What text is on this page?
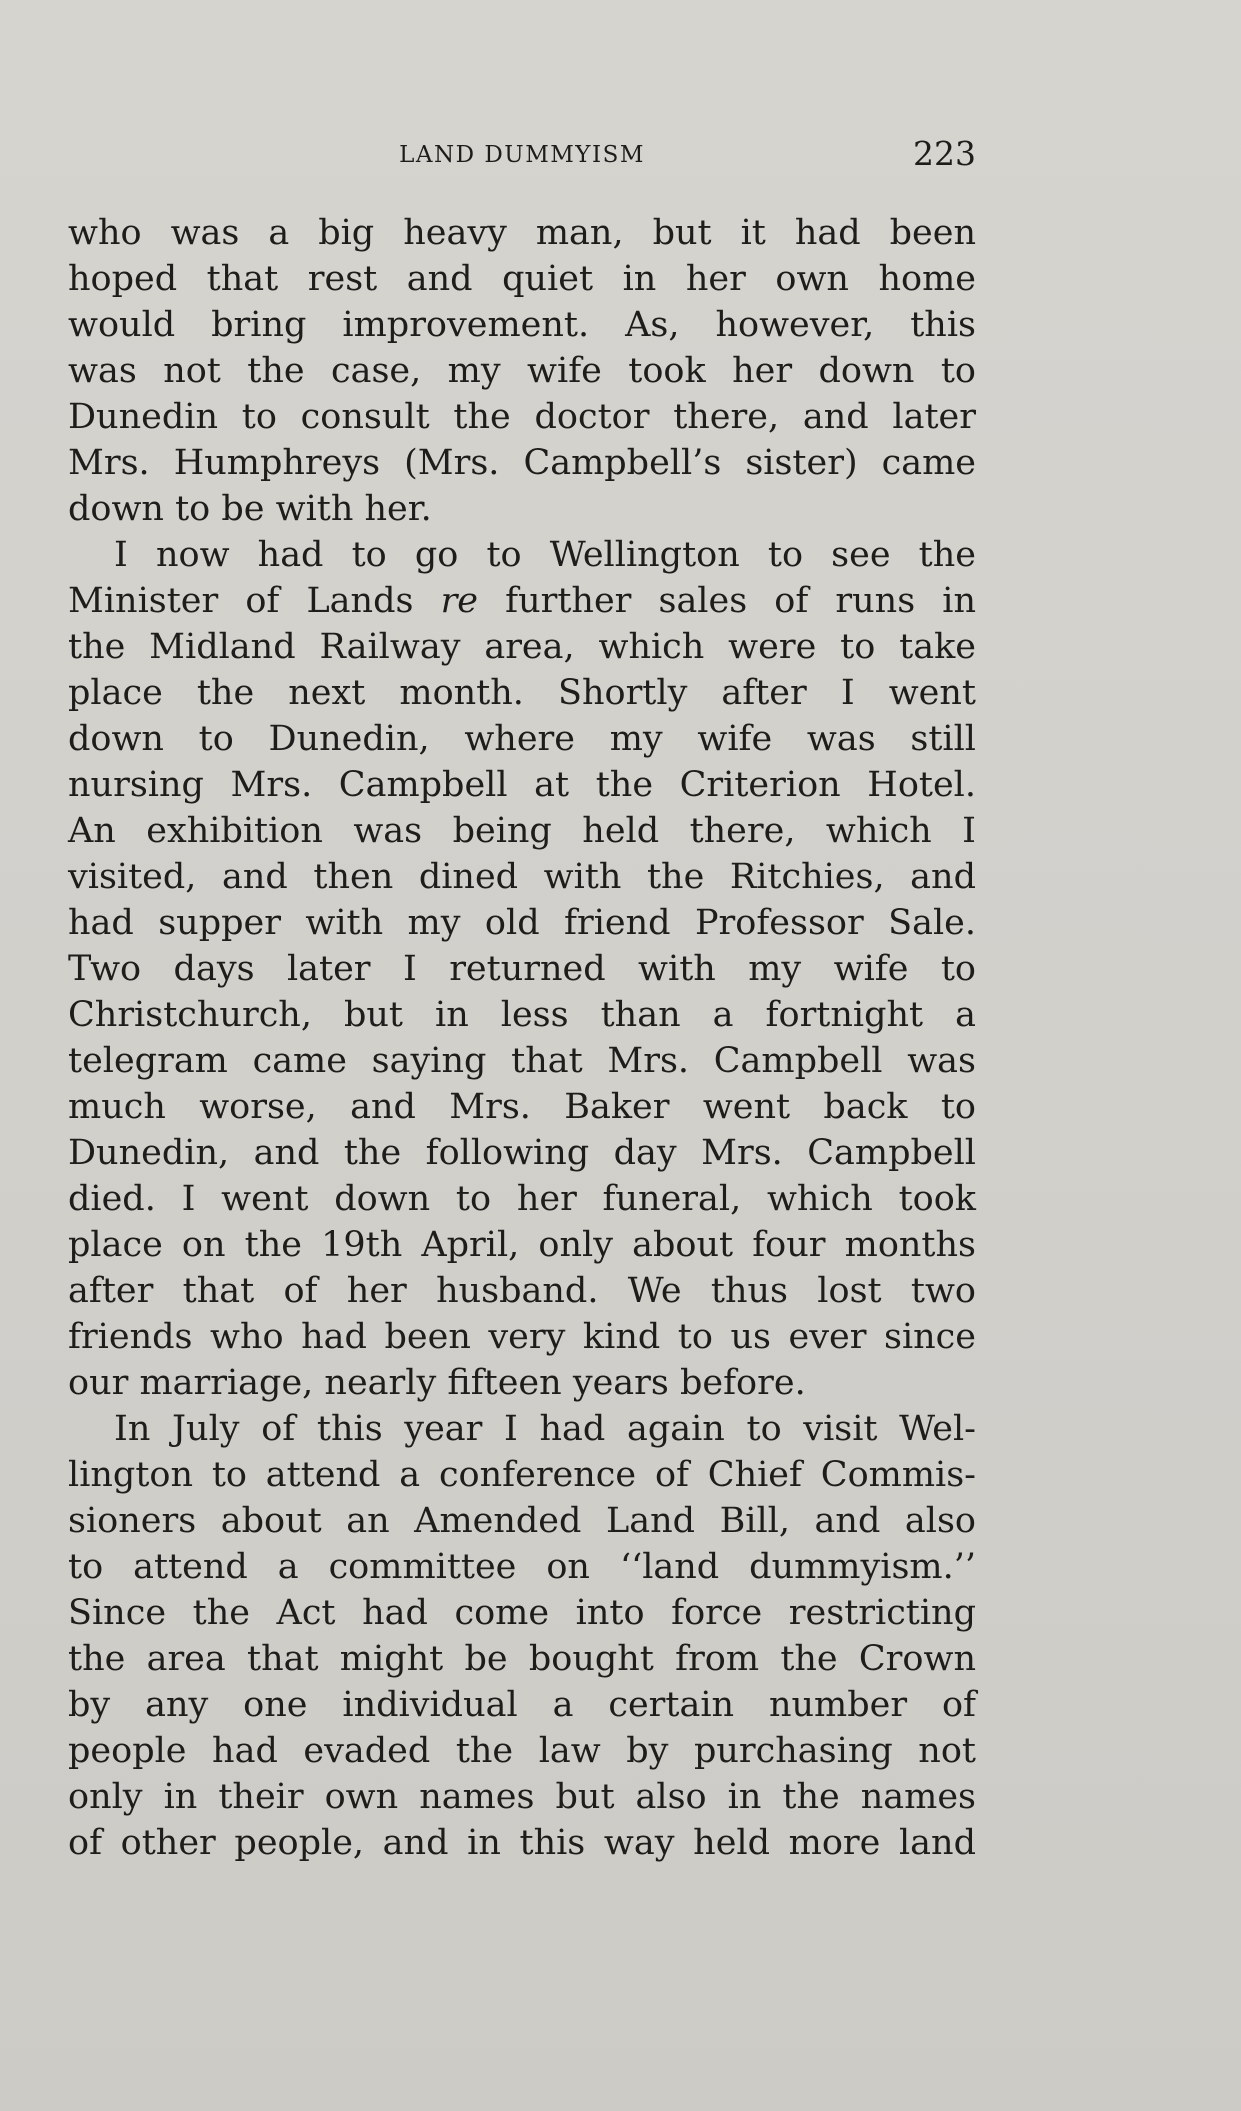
LAND DUMMYISM	223
who was a big heavy man, but it had been
hoped that rest and quiet in her own home
would bring improvement. As, however, this
was not the case, my wife took her down to
Dunedin to consult the doctor there, and later
Mrs. Humphreys (Mrs. Campbell’s sister) came
down to be with her.
I now had to go to Wellington to see the
Minister of Lands re further sales of runs in
the Midland Railway area, which were to take
place the next month. Shortly after I went
down to Dunedin, where my wife was still
nursing Mrs. Campbell at the Criterion Hotel.
An exhibition was being held there, which I
visited, and then dined with the Ritchies, and
had supper with my old friend Professor Sale.
Two days later I returned with my wife to
Christchurch, but in less than a fortnight a
telegram came saying that Mrs. Campbell was
much worse, and Mrs. Baker went back to
Dunedin, and the following day Mrs. Campbell
died. I went down to her funeral, which took
place on the 19th April, only about four months
after that of her husband. We thus lost two
friends who had been very kind to us ever since
our marriage, nearly fifteen years before.
In July of this year I had again to visit Wel-
lington to attend a conference of Chief Commis-
sioners about an Amended Land Bill, and also
to attend a committee on ‘‘land dummyism.’’
Since the Act had come into force restricting
the area that might be bought from the Crown
by any one individual a certain number of
people had evaded the law by purchasing not
only in their own names but also in the names
of other people, and in this way held more land
